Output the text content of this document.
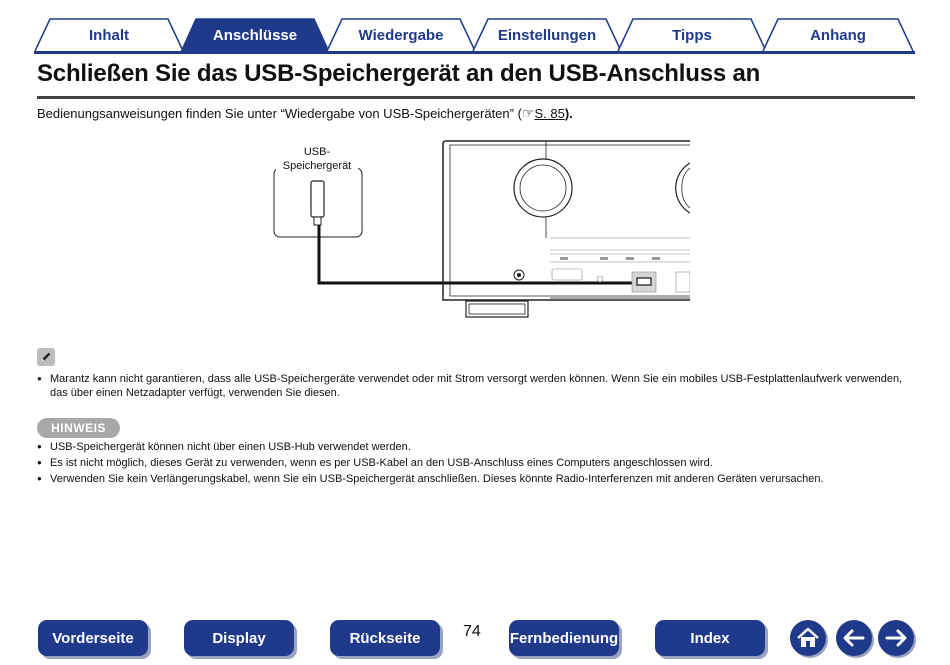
Inhalt	Anschlüsse	Wiedergabe	Einstellungen	Tipps	Anhang
Schließen Sie das USB-Speichergerät an den USB-Anschluss an
Bedienungsanweisungen finden Sie unter “Wiedergabe von USB-Speichergeräten” (☞S. 85).
USB-
Speichergerät
● Marantz kann nicht garantieren, dass alle USB-Speichergeräte verwendet oder mit Strom versorgt werden können. Wenn Sie ein mobiles USB-Festplattenlaufwerk verwenden, das über einen Netzadapter verfügt, verwenden Sie diesen.
HINWEIS
● USB-Speichergerät können nicht über einen USB-Hub verwendet werden.
● Es ist nicht möglich, dieses Gerät zu verwenden, wenn es per USB-Kabel an den USB-Anschluss eines Computers angeschlossen wird.
● Verwenden Sie kein Verlängerungskabel, wenn Sie ein USB-Speichergerät anschließen. Dieses könnte Radio-Interferenzen mit anderen Geräten verursachen.
Vorderseite	Display	Rückseite	74 Fernbedienung	Index
